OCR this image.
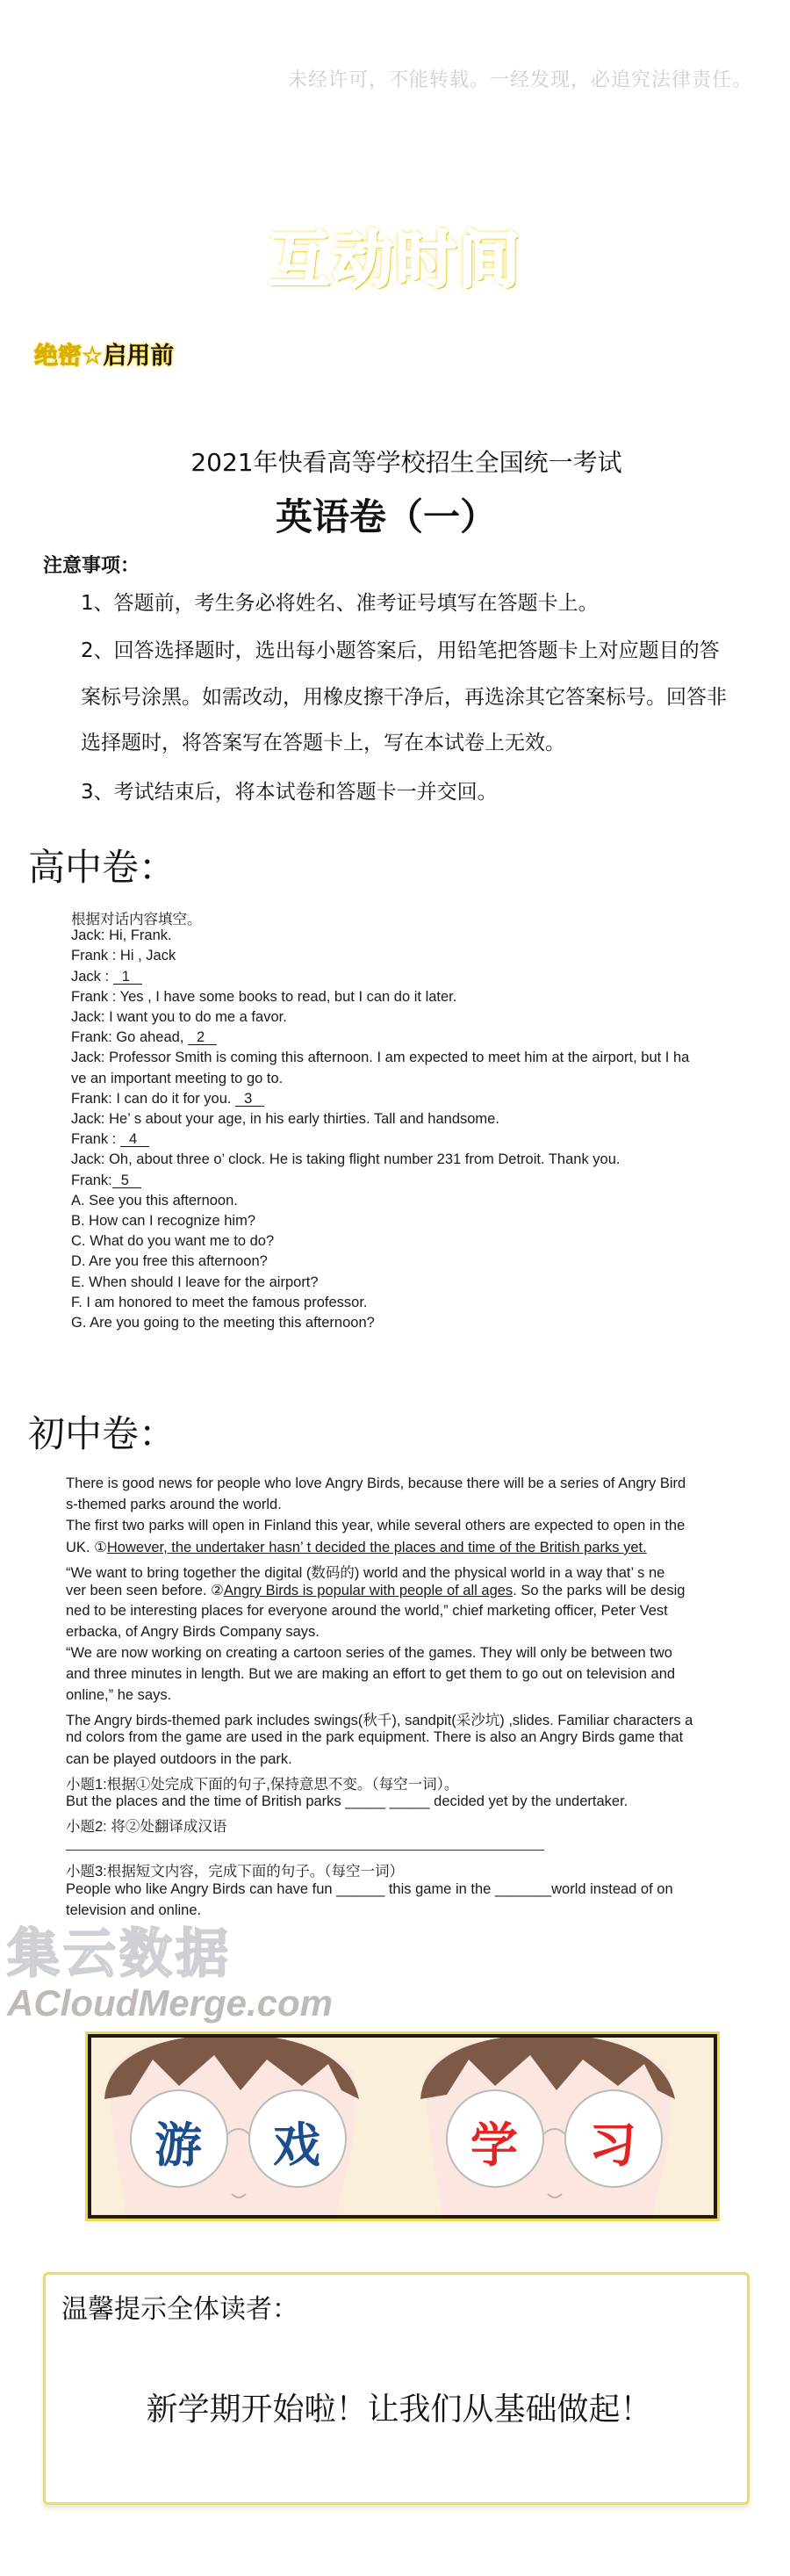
未经许可，不能转载。一经发现，必追究法律责任。
互动时间
绝密☆启用前
2021年快看高等学校招生全国统一考试
英语卷（一）
注意事项：
1、答题前，考生务必将姓名、准考证号填写在答题卡上。
2、回答选择题时，选出每小题答案后，用铅笔把答题卡上对应题目的答
案标号涂黑。如需改动，用橡皮擦干净后，再选涂其它答案标号。回答非
选择题时，将答案写在答题卡上，写在本试卷上无效。
3、考试结束后，将本试卷和答题卡一并交回。
高中卷：
根据对话内容填空。
Jack: Hi, Frank.
Frank : Hi , Jack
Jack : 1
Frank : Yes , I have some books to read, but I can do it later.
Jack: I want you to do me a favor.
Frank: Go ahead, 2
Jack: Professor Smith is coming this afternoon. I am expected to meet him at the airport, but I ha
ve an important meeting to go to.
Frank: I can do it for you. 3
Jack: He’ s about your age, in his early thirties. Tall and handsome.
Frank : 4
Jack: Oh, about three o’ clock. He is taking flight number 231 from Detroit. Thank you.
Frank: 5
A. See you this afternoon.
B. How can I recognize him?
C. What do you want me to do?
D. Are you free this afternoon?
E. When should I leave for the airport?
F. I am honored to meet the famous professor.
G. Are you going to the meeting this afternoon?
初中卷：
There is good news for people who love Angry Birds, because there will be a series of Angry Bird
s-themed parks around the world.
The first two parks will open in Finland this year, while several others are expected to open in the
UK. ①However, the undertaker hasn’ t decided the places and time of the British parks yet.
“We want to bring together the digital (数码的) world and the physical world in a way that’ s ne
ver been seen before. ②Angry Birds is popular with people of all ages. So the parks will be desig
ned to be interesting places for everyone around the world,” chief marketing officer, Peter Vest
erbacka, of Angry Birds Company says.
“We are now working on creating a cartoon series of the games. They will only be between two
and three minutes in length. But we are making an effort to get them to go out on television and
online,” he says.
The Angry birds-themed park includes swings(秋千), sandpit(采沙坑) ,slides. Familiar characters a
nd colors from the game are used in the park equipment. There is also an Angry Birds game that
can be played outdoors in the park.
小题1:根据①处完成下面的句子,保持意思不变。（每空一词）。
But the places and the time of British parks _____ _____ decided yet by the undertaker.
小题2: 将②处翻译成汉语
小题3:根据短文内容，完成下面的句子。（每空一词）
People who like Angry Birds can have fun ______ this game in the _______world instead of on
television and online.
集云数据
ACloudMerge.com
游 戏	学 习
温馨提示全体读者：
新学期开始啦！让我们从基础做起！
